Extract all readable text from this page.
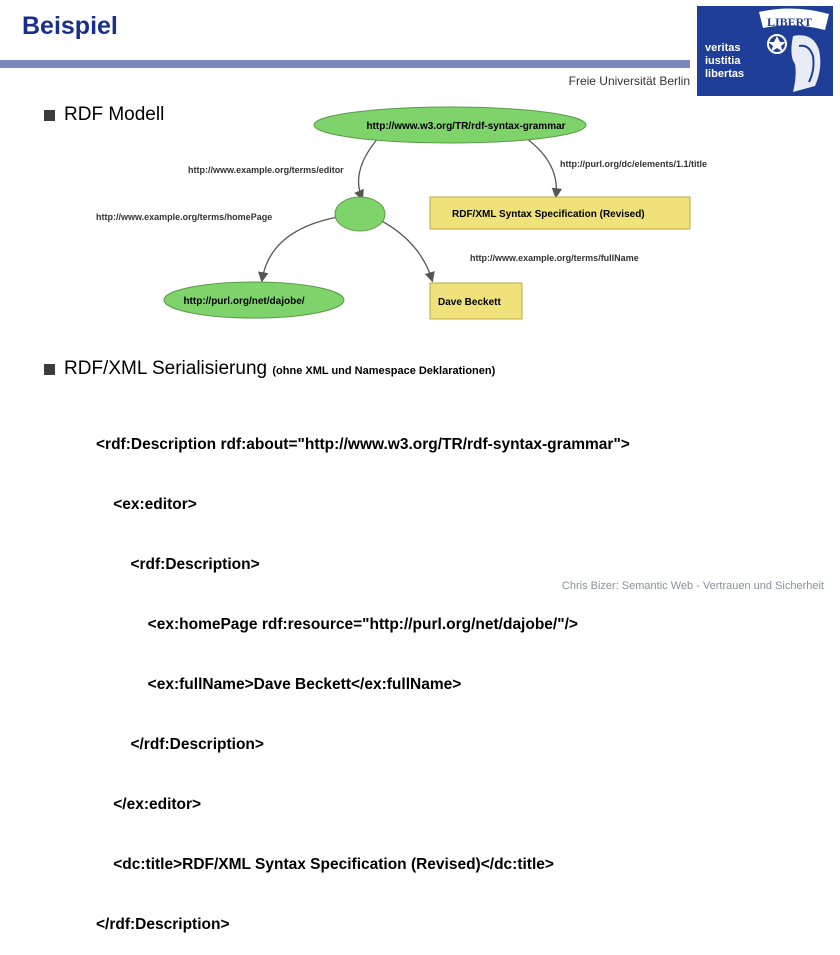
Beispiel
Freie Universität Berlin
LIBERT
veritas
iustitia
libertas
RDF Modell
http://www.w3.org/TR/rdf-syntax-grammar
RDF/XML Syntax Specification (Revised)
http://purl.org/net/dajobe/	Dave Beckett
http://www.example.org/terms/editor
http://purl.org/dc/elements/1.1/title
http://www.example.org/terms/homePage
http://www.example.org/terms/fullName
RDF/XML Serialisierung (ohne XML und Namespace Deklarationen)

<rdf:Description rdf:about="http://www.w3.org/TR/rdf-syntax-grammar">

<ex:editor>

<rdf:Description>

<ex:homePage rdf:resource="http://purl.org/net/dajobe/"/>

<ex:fullName>Dave Beckett</ex:fullName>

</rdf:Description>

</ex:editor>

<dc:title>RDF/XML Syntax Specification (Revised)</dc:title>

</rdf:Description>

Chris Bizer: Semantic Web - Vertrauen und Sicherheit
